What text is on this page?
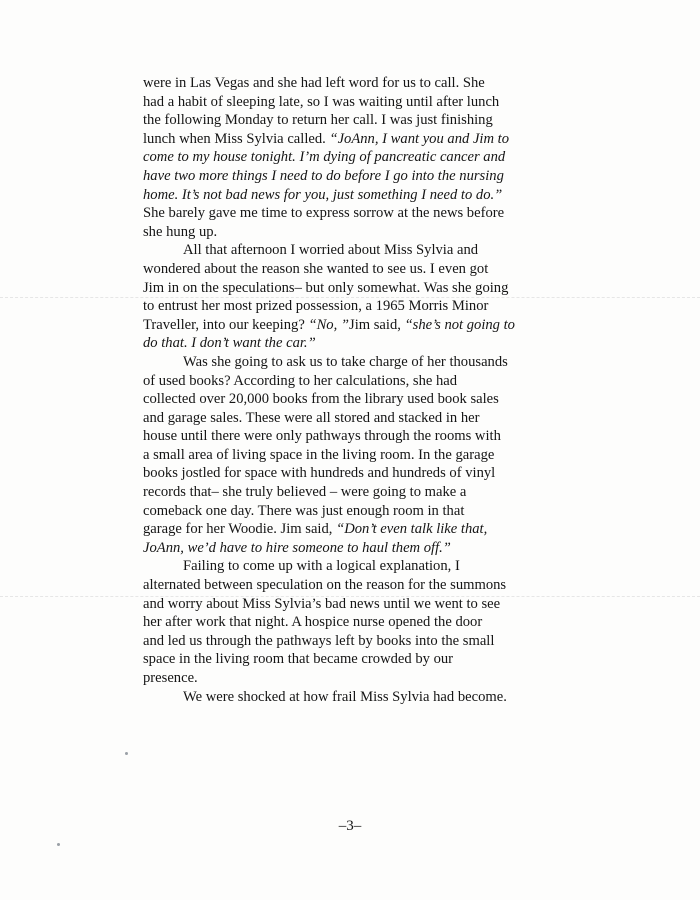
were in Las Vegas and she had left word for us to call. She
had a habit of sleeping late, so I was waiting until after lunch
the following Monday to return her call. I was just finishing
lunch when Miss Sylvia called. “JoAnn, I want you and Jim to
come to my house tonight. I’m dying of pancreatic cancer and
have two more things I need to do before I go into the nursing
home. It’s not bad news for you, just something I need to do.”
She barely gave me time to express sorrow at the news before
she hung up.
All that afternoon I worried about Miss Sylvia and
wondered about the reason she wanted to see us. I even got
Jim in on the speculations– but only somewhat. Was she going
to entrust her most prized possession, a 1965 Morris Minor
Traveller, into our keeping? “No, ”Jim said, “she’s not going to
do that. I don’t want the car.”
Was she going to ask us to take charge of her thousands
of used books? According to her calculations, she had
collected over 20,000 books from the library used book sales
and garage sales. These were all stored and stacked in her
house until there were only pathways through the rooms with
a small area of living space in the living room. In the garage
books jostled for space with hundreds and hundreds of vinyl
records that– she truly believed – were going to make a
comeback one day. There was just enough room in that
garage for her Woodie. Jim said, “Don’t even talk like that,
JoAnn, we’d have to hire someone to haul them off.”
Failing to come up with a logical explanation, I
alternated between speculation on the reason for the summons
and worry about Miss Sylvia’s bad news until we went to see
her after work that night. A hospice nurse opened the door
and led us through the pathways left by books into the small
space in the living room that became crowded by our
presence.
We were shocked at how frail Miss Sylvia had become.
–3–
